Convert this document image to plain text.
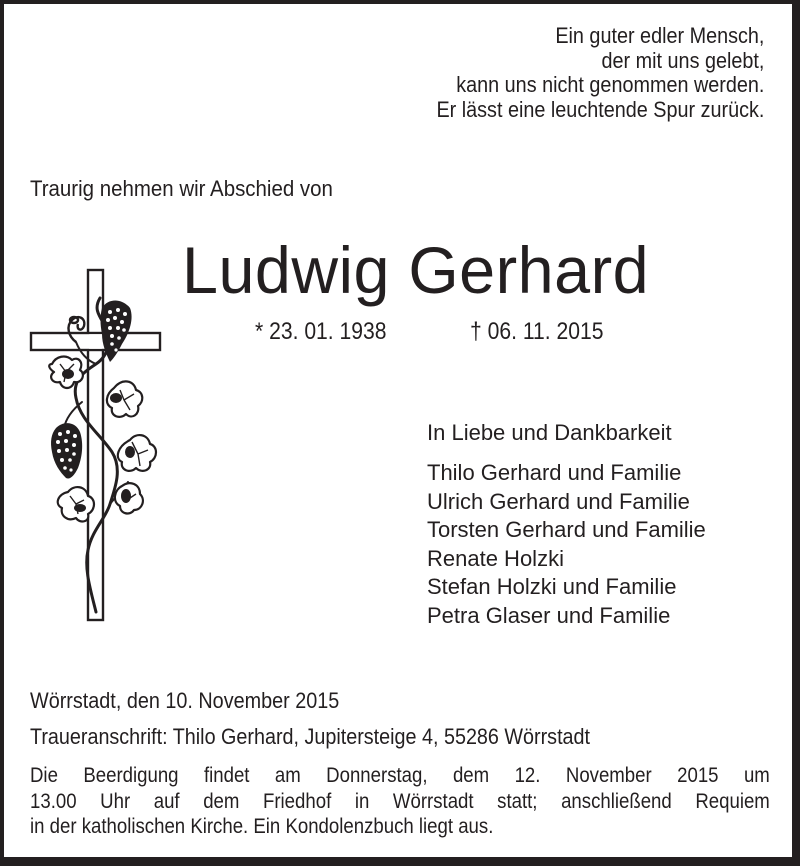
Ein guter edler Mensch,
der mit uns gelebt,
kann uns nicht genommen werden.
Er lässt eine leuchtende Spur zurück.
Traurig nehmen wir Abschied von
Ludwig Gerhard
* 23. 01. 1938	† 06. 11. 2015
In Liebe und Dankbarkeit
Thilo Gerhard und Familie
Ulrich Gerhard und Familie
Torsten Gerhard und Familie
Renate Holzki
Stefan Holzki und Familie
Petra Glaser und Familie
Wörrstadt, den 10. November 2015
Traueranschrift: Thilo Gerhard, Jupitersteige 4, 55286 Wörrstadt
Die Beerdigung findet am Donnerstag, dem 12. November 2015 um
13.00 Uhr auf dem Friedhof in Wörrstadt statt; anschließend Requiem
in der katholischen Kirche. Ein Kondolenzbuch liegt aus.
